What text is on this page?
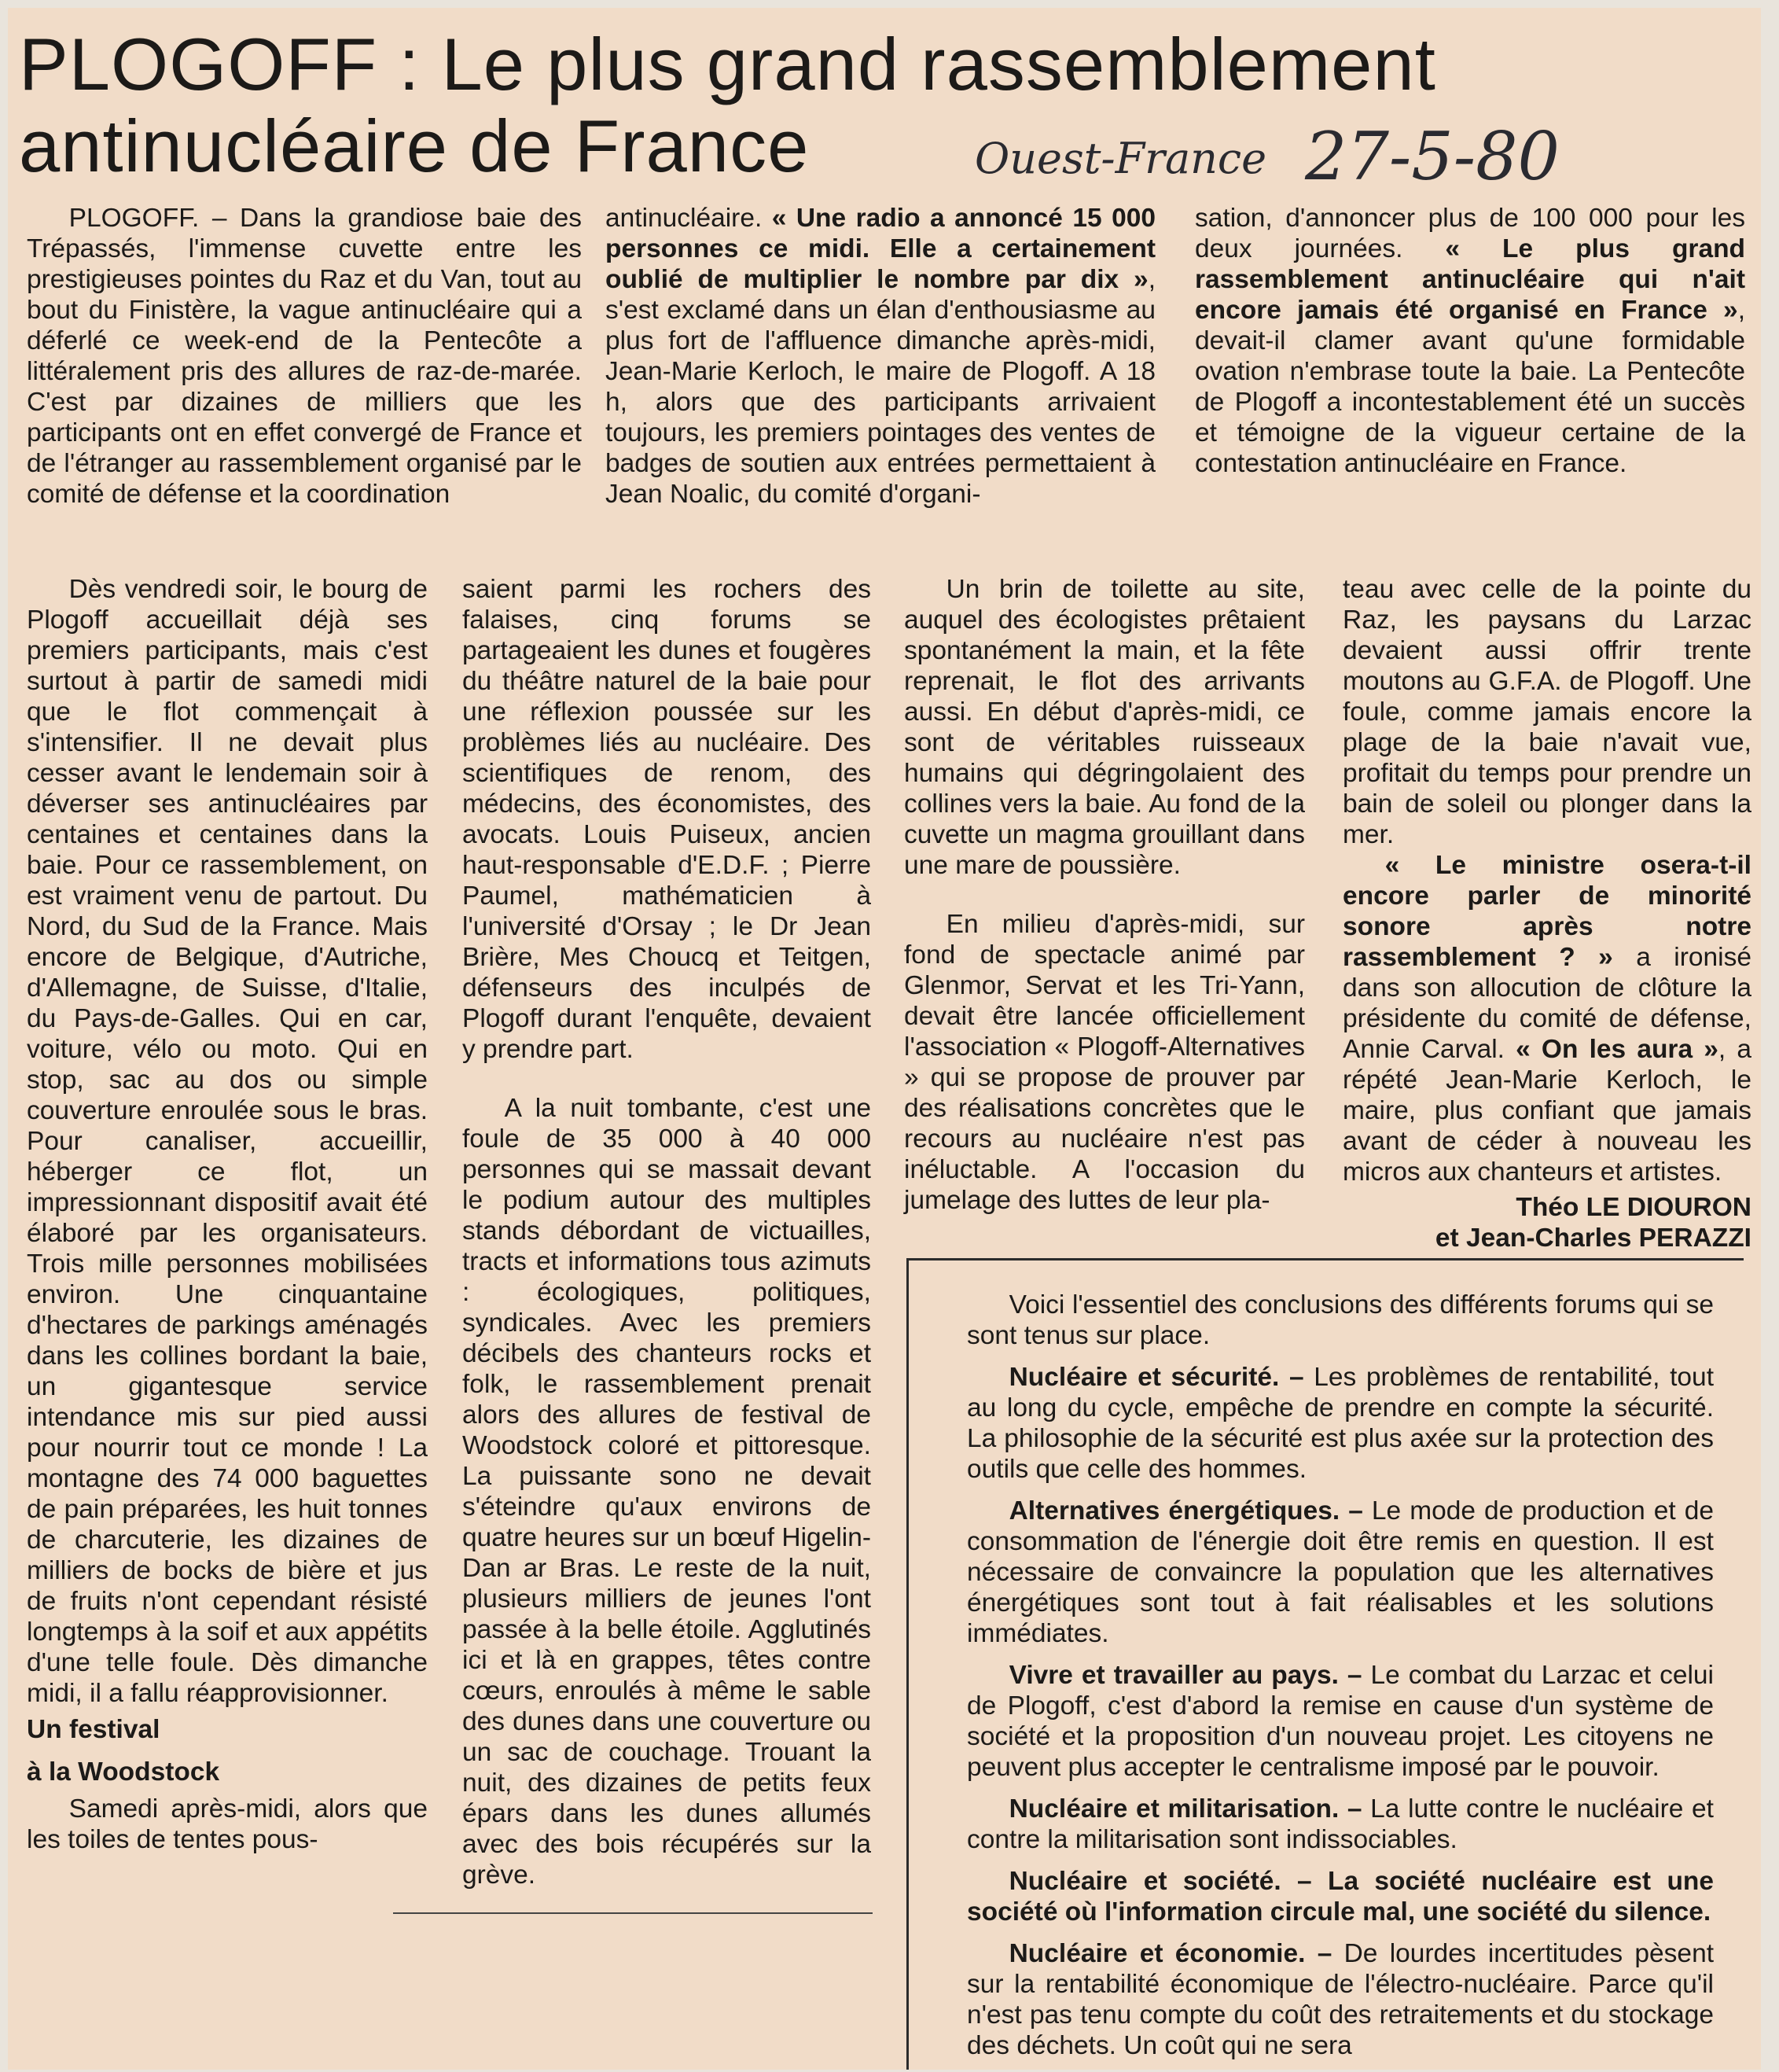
PLOGOFF : Le plus grand rassemblement antinucléaire de France	Ouest-France 27-5-80

PLOGOFF. – Dans la grandiose baie des Trépassés, l'immense cuvette entre les prestigieuses pointes du Raz et du Van, tout au bout du Finistère, la vague antinucléaire qui a déferlé ce week-end de la Pentecôte a littéralement pris des allures de raz-de-marée. C'est par dizaines de milliers que les participants ont en effet convergé de France et de l'étranger au rassemblement organisé par le comité de défense et la coordination

antinucléaire. « Une radio a annoncé 15 000 personnes ce midi. Elle a certainement oublié de multiplier le nombre par dix », s'est exclamé dans un élan d'enthousiasme au plus fort de l'affluence dimanche après-midi, Jean-Marie Kerloch, le maire de Plogoff. A 18 h, alors que des participants arrivaient toujours, les premiers pointages des ventes de badges de soutien aux entrées permettaient à Jean Noalic, du comité d'organi-

sation, d'annoncer plus de 100 000 pour les deux journées. « Le plus grand rassemblement antinucléaire qui n'ait encore jamais été organisé en France », devait-il clamer avant qu'une formidable ovation n'embrase toute la baie. La Pentecôte de Plogoff a incontestablement été un succès et témoigne de la vigueur certaine de la contestation antinucléaire en France.

Dès vendredi soir, le bourg de Plogoff accueillait déjà ses premiers participants, mais c'est surtout à partir de samedi midi que le flot commençait à s'intensifier. Il ne devait plus cesser avant le lendemain soir à déverser ses antinucléaires par centaines et centaines dans la baie. Pour ce rassemblement, on est vraiment venu de partout. Du Nord, du Sud de la France. Mais encore de Belgique, d'Autriche, d'Allemagne, de Suisse, d'Italie, du Pays-de-Galles. Qui en car, voiture, vélo ou moto. Qui en stop, sac au dos ou simple couverture enroulée sous le bras. Pour canaliser, accueillir, héberger ce flot, un impressionnant dispositif avait été élaboré par les organisateurs. Trois mille personnes mobilisées environ. Une cinquantaine d'hectares de parkings aménagés dans les collines bordant la baie, un gigantesque service intendance mis sur pied aussi pour nourrir tout ce monde ! La montagne des 74 000 baguettes de pain préparées, les huit tonnes de charcuterie, les dizaines de milliers de bocks de bière et jus de fruits n'ont cependant résisté longtemps à la soif et aux appétits d'une telle foule. Dès dimanche midi, il a fallu réapprovisionner.

Un festival
à la Woodstock

Samedi après-midi, alors que les toiles de tentes pous-

saient parmi les rochers des falaises, cinq forums se partageaient les dunes et fougères du théâtre naturel de la baie pour une réflexion poussée sur les problèmes liés au nucléaire. Des scientifiques de renom, des médecins, des économistes, des avocats. Louis Puiseux, ancien haut-responsable d'E.D.F. ; Pierre Paumel, mathématicien à l'université d'Orsay ; le Dr Jean Brière, Mes Choucq et Teitgen, défenseurs des inculpés de Plogoff durant l'enquête, devaient y prendre part.

A la nuit tombante, c'est une foule de 35 000 à 40 000 personnes qui se massait devant le podium autour des multiples stands débordant de victuailles, tracts et informations tous azimuts : écologiques, politiques, syndicales. Avec les premiers décibels des chanteurs rocks et folk, le rassemblement prenait alors des allures de festival de Woodstock coloré et pittoresque. La puissante sono ne devait s'éteindre qu'aux environs de quatre heures sur un bœuf Higelin-Dan ar Bras. Le reste de la nuit, plusieurs milliers de jeunes l'ont passée à la belle étoile. Agglutinés ici et là en grappes, têtes contre cœurs, enroulés à même le sable des dunes dans une couverture ou un sac de couchage. Trouant la nuit, des dizaines de petits feux épars dans les dunes allumés avec des bois récupérés sur la grève.

Un brin de toilette au site, auquel des écologistes prêtaient spontanément la main, et la fête reprenait, le flot des arrivants aussi. En début d'après-midi, ce sont de véritables ruisseaux humains qui dégringolaient des collines vers la baie. Au fond de la cuvette un magma grouillant dans une mare de poussière.

En milieu d'après-midi, sur fond de spectacle animé par Glenmor, Servat et les Tri-Yann, devait être lancée officiellement l'association « Plogoff-Alternatives » qui se propose de prouver par des réalisations concrètes que le recours au nucléaire n'est pas inéluctable. A l'occasion du jumelage des luttes de leur pla-

teau avec celle de la pointe du Raz, les paysans du Larzac devaient aussi offrir trente moutons au G.F.A. de Plogoff. Une foule, comme jamais encore la plage de la baie n'avait vue, profitait du temps pour prendre un bain de soleil ou plonger dans la mer.

« Le ministre osera-t-il encore parler de minorité sonore après notre rassemblement ? » a ironisé dans son allocution de clôture la présidente du comité de défense, Annie Carval. « On les aura », a répété Jean-Marie Kerloch, le maire, plus confiant que jamais avant de céder à nouveau les micros aux chanteurs et artistes.

Théo LE DIOURON
et Jean-Charles PERAZZI

Voici l'essentiel des conclusions des différents forums qui se sont tenus sur place.

Nucléaire et sécurité. – Les problèmes de rentabilité, tout au long du cycle, empêche de prendre en compte la sécurité. La philosophie de la sécurité est plus axée sur la protection des outils que celle des hommes.

Alternatives énergétiques. – Le mode de production et de consommation de l'énergie doit être remis en question. Il est nécessaire de convaincre la population que les alternatives énergétiques sont tout à fait réalisables et les solutions immédiates.

Vivre et travailler au pays. – Le combat du Larzac et celui de Plogoff, c'est d'abord la remise en cause d'un système de société et la proposition d'un nouveau projet. Les citoyens ne peuvent plus accepter le centralisme imposé par le pouvoir.

Nucléaire et militarisation. – La lutte contre le nucléaire et contre la militarisation sont indissociables.

Nucléaire et société. – La société nucléaire est une société où l'information circule mal, une société du silence.

Nucléaire et économie. – De lourdes incertitudes pèsent sur la rentabilité économique de l'électro-nucléaire. Parce qu'il n'est pas tenu compte du coût des retraitements et du stockage des déchets. Un coût qui ne sera
